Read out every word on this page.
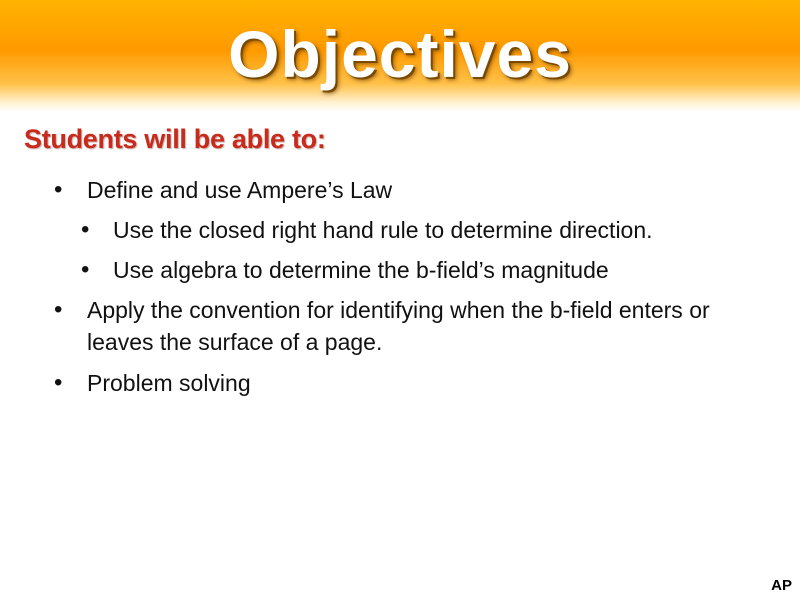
Objectives
Students will be able to:
•	Define and use Ampere’s Law
•	Use the closed right hand rule to determine direction.
•	Use algebra to determine the b-field’s magnitude
•	Apply the convention for identifying when the b-field enters or leaves the surface of a page.
•	Problem solving
AP
